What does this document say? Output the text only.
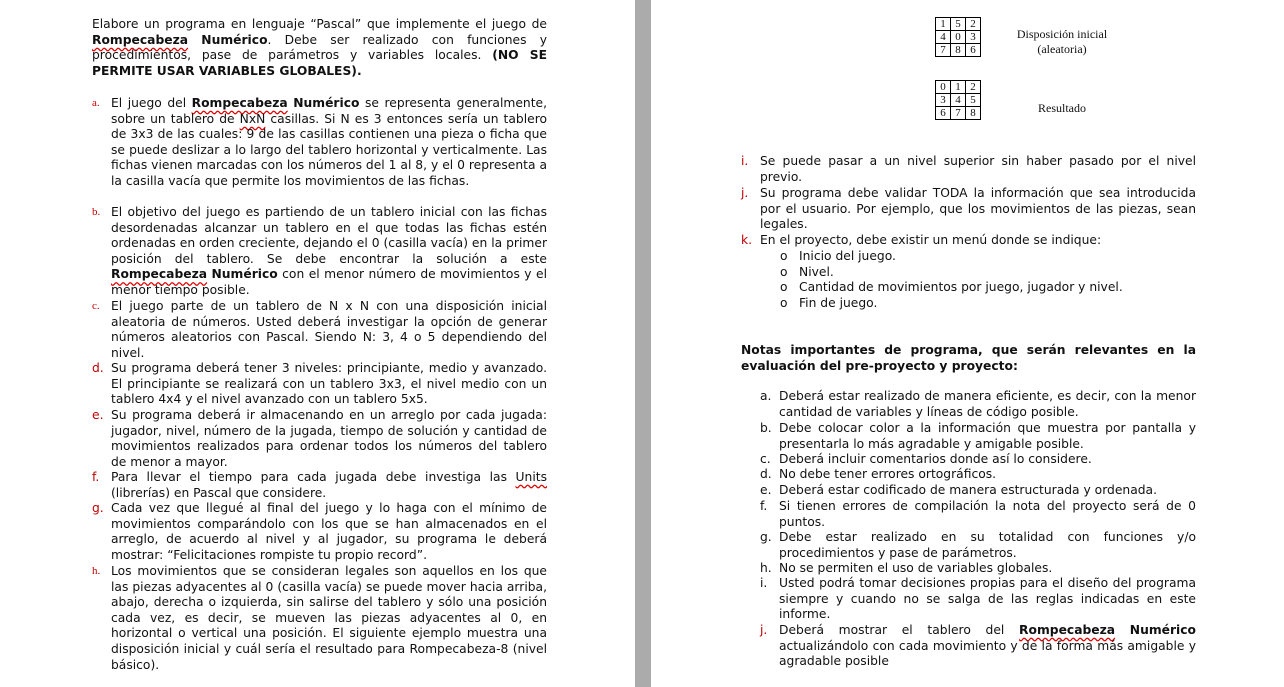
Elabore un programa en lenguaje “Pascal” que implemente el juego de Rompecabeza Numérico. Debe ser realizado con funciones y procedimientos, pase de parámetros y variables locales. (NO SE PERMITE USAR VARIABLES GLOBALES).
a. El juego del Rompecabeza Numérico se representa generalmente, sobre un tablero de NxN casillas. Si N es 3 entonces sería un tablero de 3x3 de las cuales: 9 de las casillas contienen una pieza o ficha que se puede deslizar a lo largo del tablero horizontal y verticalmente. Las fichas vienen marcadas con los números del 1 al 8, y el 0 representa a la casilla vacía que permite los movimientos de las fichas.
b. El objetivo del juego es partiendo de un tablero inicial con las fichas desordenadas alcanzar un tablero en el que todas las fichas estén ordenadas en orden creciente, dejando el 0 (casilla vacía) en la primer posición del tablero. Se debe encontrar la solución a este Rompecabeza Numérico con el menor número de movimientos y el menor tiempo posible.
c. El juego parte de un tablero de N x N con una disposición inicial aleatoria de números. Usted deberá investigar la opción de generar números aleatorios con Pascal. Siendo N: 3, 4 o 5 dependiendo del nivel.
d. Su programa deberá tener 3 niveles: principiante, medio y avanzado. El principiante se realizará con un tablero 3x3, el nivel medio con un tablero 4x4 y el nivel avanzado con un tablero 5x5.
e. Su programa deberá ir almacenando en un arreglo por cada jugada: jugador, nivel, número de la jugada, tiempo de solución y cantidad de movimientos realizados para ordenar todos los números del tablero de menor a mayor.
f. Para llevar el tiempo para cada jugada debe investiga las Units (librerías) en Pascal que considere.
g. Cada vez que llegué al final del juego y lo haga con el mínimo de movimientos comparándolo con los que se han almacenados en el arreglo, de acuerdo al nivel y al jugador, su programa le deberá mostrar: “Felicitaciones rompiste tu propio record”.
h. Los movimientos que se consideran legales son aquellos en los que las piezas adyacentes al 0 (casilla vacía) se puede mover hacia arriba, abajo, derecha o izquierda, sin salirse del tablero y sólo una posición cada vez, es decir, se mueven las piezas adyacentes al 0, en horizontal o vertical una posición. El siguiente ejemplo muestra una disposición inicial y cuál sería el resultado para Rompecabeza-8 (nivel básico).
1	5	2
4	0	3
7	8	6
Disposición inicial
(aleatoria)
0	1	2
3	4	5
6	7	8	Resultado
i. Se puede pasar a un nivel superior sin haber pasado por el nivel previo.
j. Su programa debe validar TODA la información que sea introducida por el usuario. Por ejemplo, que los movimientos de las piezas, sean legales.
k. En el proyecto, debe existir un menú donde se indique:
o Inicio del juego.
o Nivel.
o Cantidad de movimientos por juego, jugador y nivel.
o Fin de juego.
Notas importantes de programa, que serán relevantes en la evaluación del pre-proyecto y proyecto:
a. Deberá estar realizado de manera eficiente, es decir, con la menor cantidad de variables y líneas de código posible.
b. Debe colocar color a la información que muestra por pantalla y presentarla lo más agradable y amigable posible.
c. Deberá incluir comentarios donde así lo considere.
d. No debe tener errores ortográficos.
e. Deberá estar codificado de manera estructurada y ordenada.
f. Si tienen errores de compilación la nota del proyecto será de 0 puntos.
g. Debe estar realizado en su totalidad con funciones y/o procedimientos y pase de parámetros.
h. No se permiten el uso de variables globales.
i. Usted podrá tomar decisiones propias para el diseño del programa siempre y cuando no se salga de las reglas indicadas en este informe.
j. Deberá mostrar el tablero del Rompecabeza Numérico actualizándolo con cada movimiento y de la forma más amigable y agradable posible
